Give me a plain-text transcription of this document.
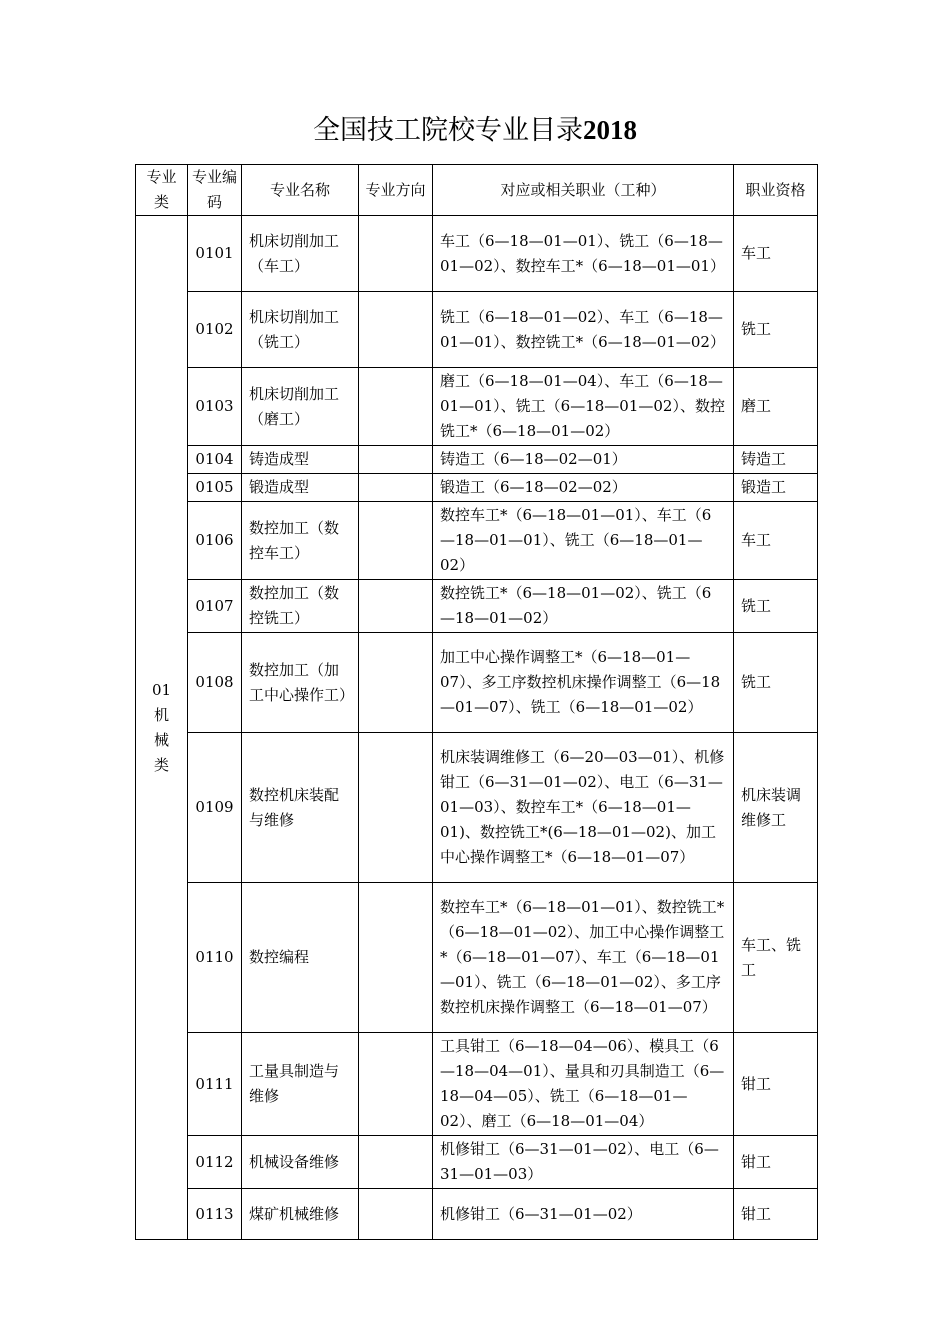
全国技工院校专业目录2018
专业类	专业编码	专业名称	专业方向	对应或相关职业（工种）	职业资格

01
机械类	0101	机床切削加工（车工）		车工（6—18—01—01）、铣工（6—18—01—02）、数控车工*（6—18—01—01）	车工
	0102	机床切削加工（铣工）		铣工（6—18—01—02）、车工（6—18—01—01）、数控铣工*（6—18—01—02）	铣工
	0103	机床切削加工（磨工）		磨工（6—18—01—04）、车工（6—18—01—01）、铣工（6—18—01—02）、数控铣工*（6—18—01—02）	磨工
	0104	铸造成型		铸造工（6—18—02—01）	铸造工
	0105	锻造成型		锻造工（6—18—02—02）	锻造工
	0106	数控加工（数控车工）		数控车工*（6—18—01—01）、车工（6—18—01—01）、铣工（6—18—01—02）	车工
	0107	数控加工（数控铣工）		数控铣工*（6—18—01—02）、铣工（6—18—01—02）	铣工
	0108	数控加工（加工中心操作工）		加工中心操作调整工*（6—18—01—07）、多工序数控机床操作调整工（6—18—01—07）、铣工（6—18—01—02）	铣工
	0109	数控机床装配与维修		机床装调维修工（6—20—03—01）、机修钳工（6—31—01—02）、电工（6—31—01—03）、数控车工*（6—18—01—01)、数控铣工*(6—18—01—02)、加工中心操作调整工*（6—18—01—07）	机床装调维修工
	0110	数控编程		数控车工*（6—18—01—01）、数控铣工*（6—18—01—02）、加工中心操作调整工*（6—18—01—07）、车工（6—18—01—01）、铣工（6—18—01—02）、多工序数控机床操作调整工（6—18—01—07）	车工、铣工
	0111	工量具制造与维修		工具钳工（6—18—04—06）、模具工（6—18—04—01）、量具和刃具制造工（6—18—04—05）、铣工（6—18—01—02）、磨工（6—18—01—04）	钳工
	0112	机械设备维修		机修钳工（6—31—01—02）、电工（6—31—01—03）	钳工
	0113	煤矿机械维修		机修钳工（6—31—01—02）	钳工
